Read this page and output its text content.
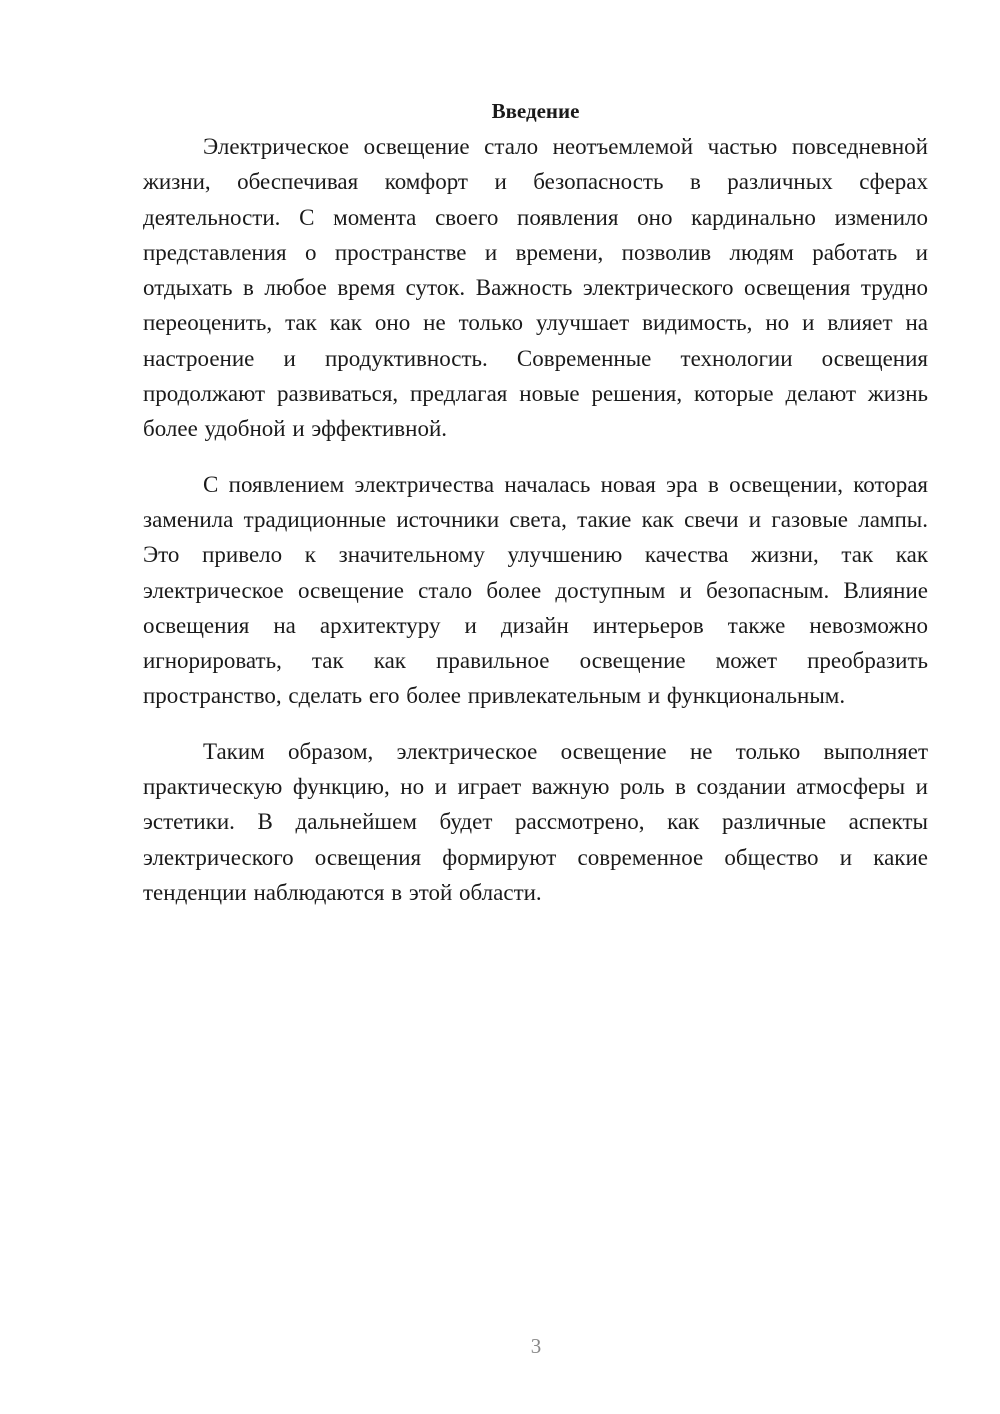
Введение

Электрическое освещение стало неотъемлемой частью повседневной жизни, обеспечивая комфорт и безопасность в различных сферах деятельности. С момента своего появления оно кардинально изменило представления о пространстве и времени, позволив людям работать и отдыхать в любое время суток. Важность электрического освещения трудно переоценить, так как оно не только улучшает видимость, но и влияет на настроение и продуктивность. Современные технологии освещения продолжают развиваться, предлагая новые решения, которые делают жизнь более удобной и эффективной.

С появлением электричества началась новая эра в освещении, которая заменила традиционные источники света, такие как свечи и газовые лампы. Это привело к значительному улучшению качества жизни, так как электрическое освещение стало более доступным и безопасным. Влияние освещения на архитектуру и дизайн интерьеров также невозможно игнорировать, так как правильное освещение может преобразить пространство, сделать его более привлекательным и функциональным.

Таким образом, электрическое освещение не только выполняет практическую функцию, но и играет важную роль в создании атмосферы и эстетики. В дальнейшем будет рассмотрено, как различные аспекты электрического освещения формируют современное общество и какие тенденции наблюдаются в этой области.

3
